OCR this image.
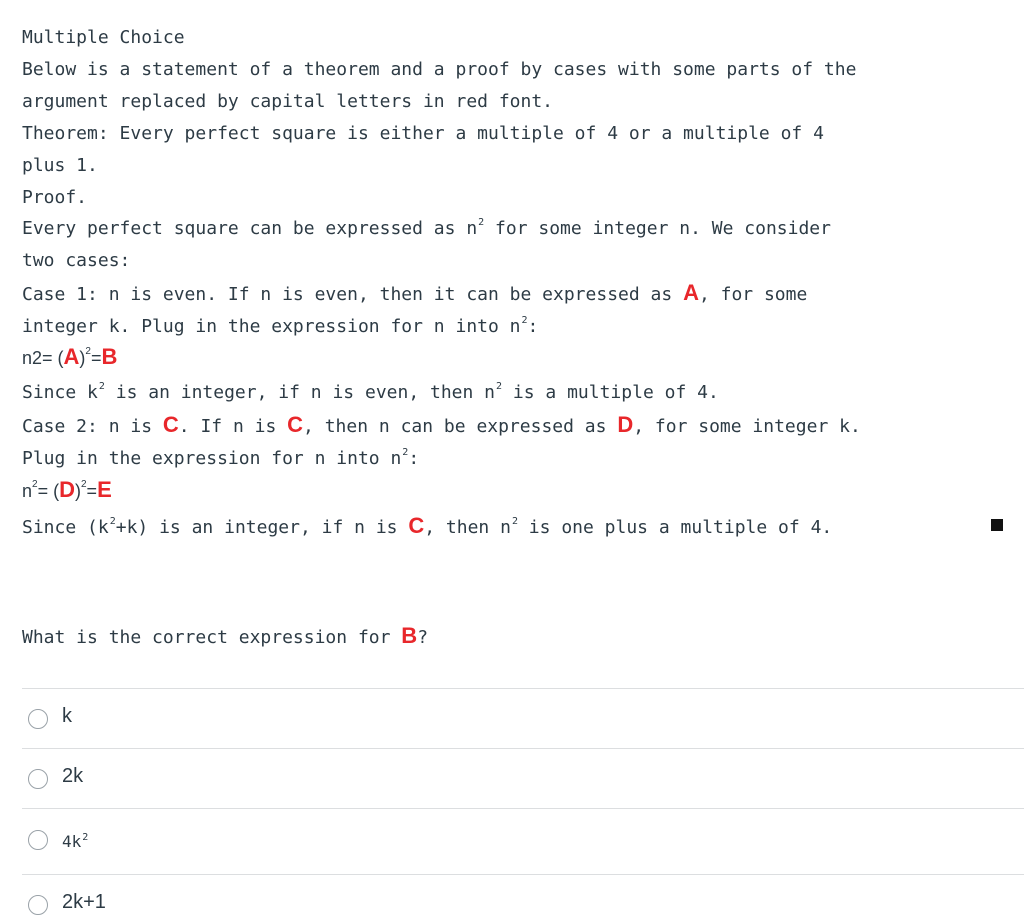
Multiple Choice
Below is a statement of a theorem and a proof by cases with some parts of the
argument replaced by capital letters in red font.
Theorem: Every perfect square is either a multiple of 4 or a multiple of 4
plus 1.
Proof.
Every perfect square can be expressed as $n^2$ for some integer n. We consider
two cases:
Case 1: n is even. If n is even, then it can be expressed as A, for some
integer k. Plug in the expression for n into $n^2$:
$n2= (A)^2=B$
Since $k^2$ is an integer, if n is even, then $n^2$ is a multiple of 4.
Case 2: n is C. If n is C, then n can be expressed as D, for some integer k.
Plug in the expression for n into $n^2$:
$n^2= (D)^2=E$
Since $(k^2+k)$ is an integer, if n is C, then $n^2$ is one plus a multiple of 4.
What is the correct expression for B?
k
2k
$4k^2$
2k+1
